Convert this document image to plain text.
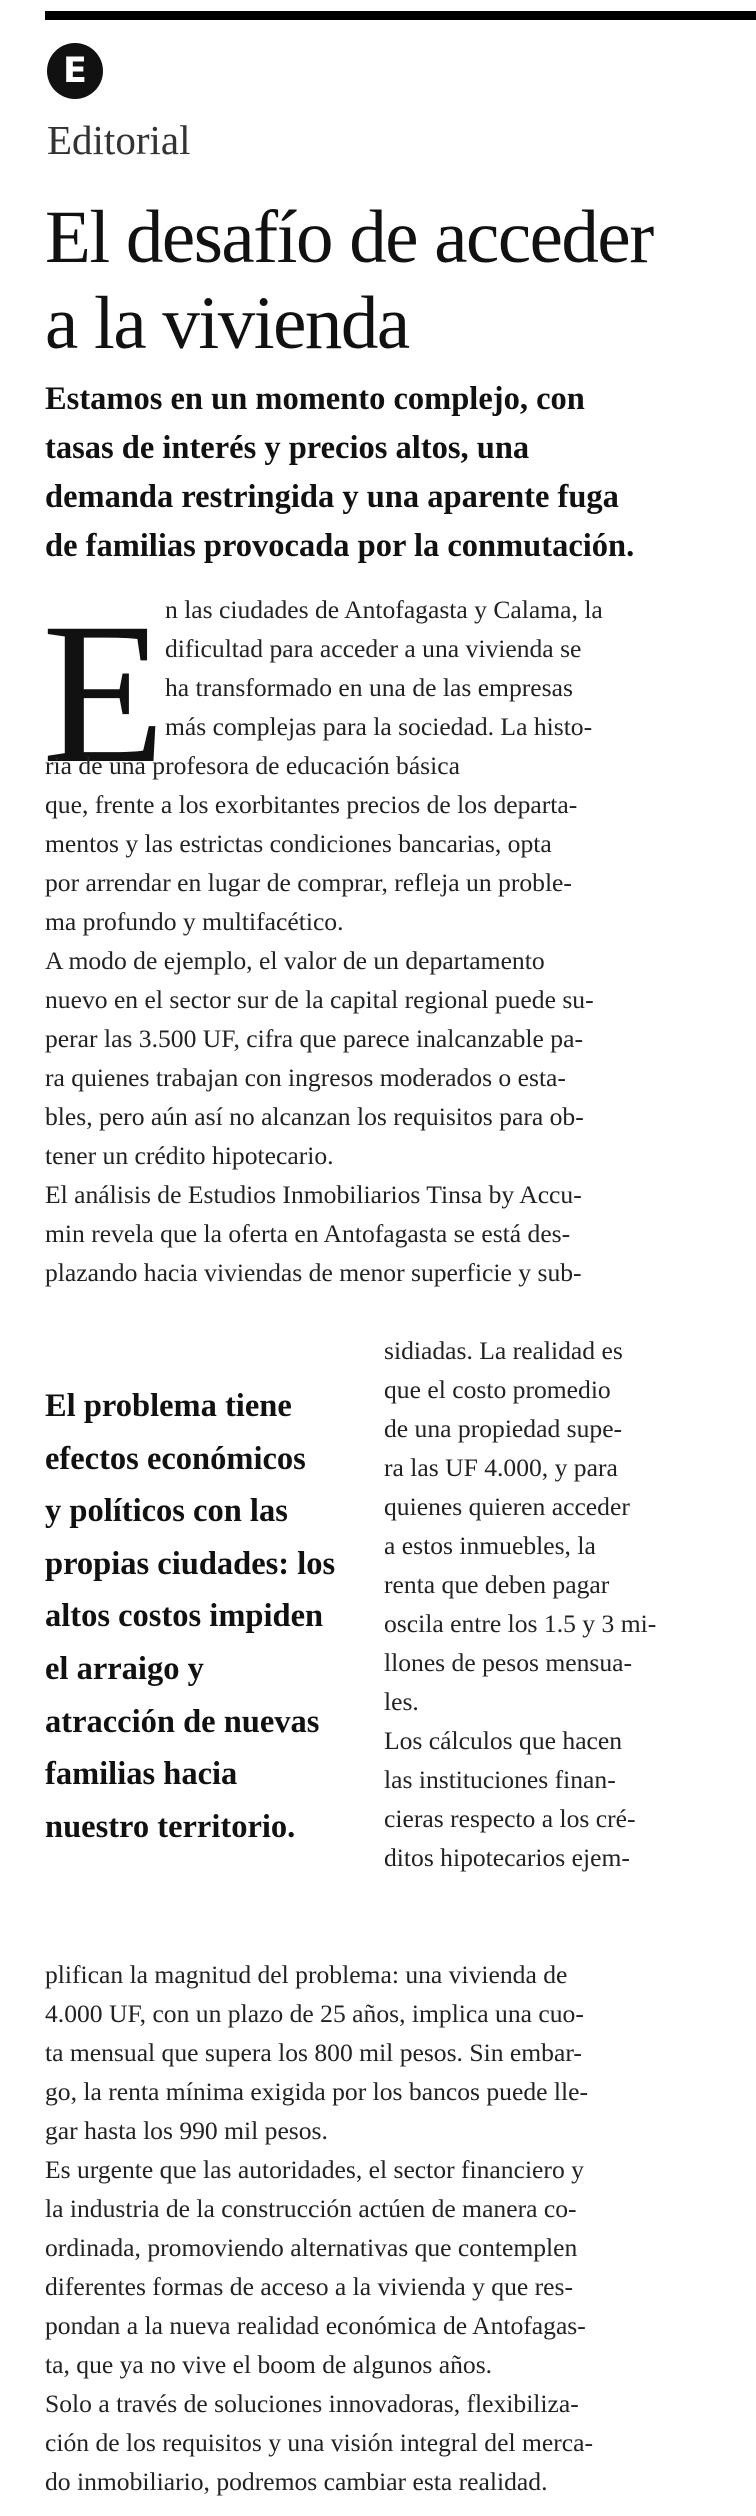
E
Editorial
El desafío de acceder
a la vivienda

Estamos en un momento complejo, con
tasas de interés y precios altos, una
demanda restringida y una aparente fuga
de familias provocada por la conmutación.

E n las ciudades de Antofagasta y Calama, la
dificultad para acceder a una vivienda se
ha transformado en una de las empresas
más complejas para la sociedad. La histo-
ria de una profesora de educación básica
que, frente a los exorbitantes precios de los departa-
mentos y las estrictas condiciones bancarias, opta
por arrendar en lugar de comprar, refleja un proble-
ma profundo y multifacético.
A modo de ejemplo, el valor de un departamento
nuevo en el sector sur de la capital regional puede su-
perar las 3.500 UF, cifra que parece inalcanzable pa-
ra quienes trabajan con ingresos moderados o esta-
bles, pero aún así no alcanzan los requisitos para ob-
tener un crédito hipotecario.
El análisis de Estudios Inmobiliarios Tinsa by Accu-
min revela que la oferta en Antofagasta se está des-
plazando hacia viviendas de menor superficie y sub-
sidiadas. La realidad es
que el costo promedio
de una propiedad supe-
ra las UF 4.000, y para
quienes quieren acceder
a estos inmuebles, la
renta que deben pagar
oscila entre los 1.5 y 3 mi-
llones de pesos mensua-
les.
Los cálculos que hacen
las instituciones finan-
cieras respecto a los cré-
ditos hipotecarios ejem-
El problema tiene
efectos económicos
y políticos con las
propias ciudades: los
altos costos impiden
el arraigo y
atracción de nuevas
familias hacia
nuestro territorio.
plifican la magnitud del problema: una vivienda de
4.000 UF, con un plazo de 25 años, implica una cuo-
ta mensual que supera los 800 mil pesos. Sin embar-
go, la renta mínima exigida por los bancos puede lle-
gar hasta los 990 mil pesos.
Es urgente que las autoridades, el sector financiero y
la industria de la construcción actúen de manera co-
ordinada, promoviendo alternativas que contemplen
diferentes formas de acceso a la vivienda y que res-
pondan a la nueva realidad económica de Antofagas-
ta, que ya no vive el boom de algunos años.
Solo a través de soluciones innovadoras, flexibiliza-
ción de los requisitos y una visión integral del merca-
do inmobiliario, podremos cambiar esta realidad.
